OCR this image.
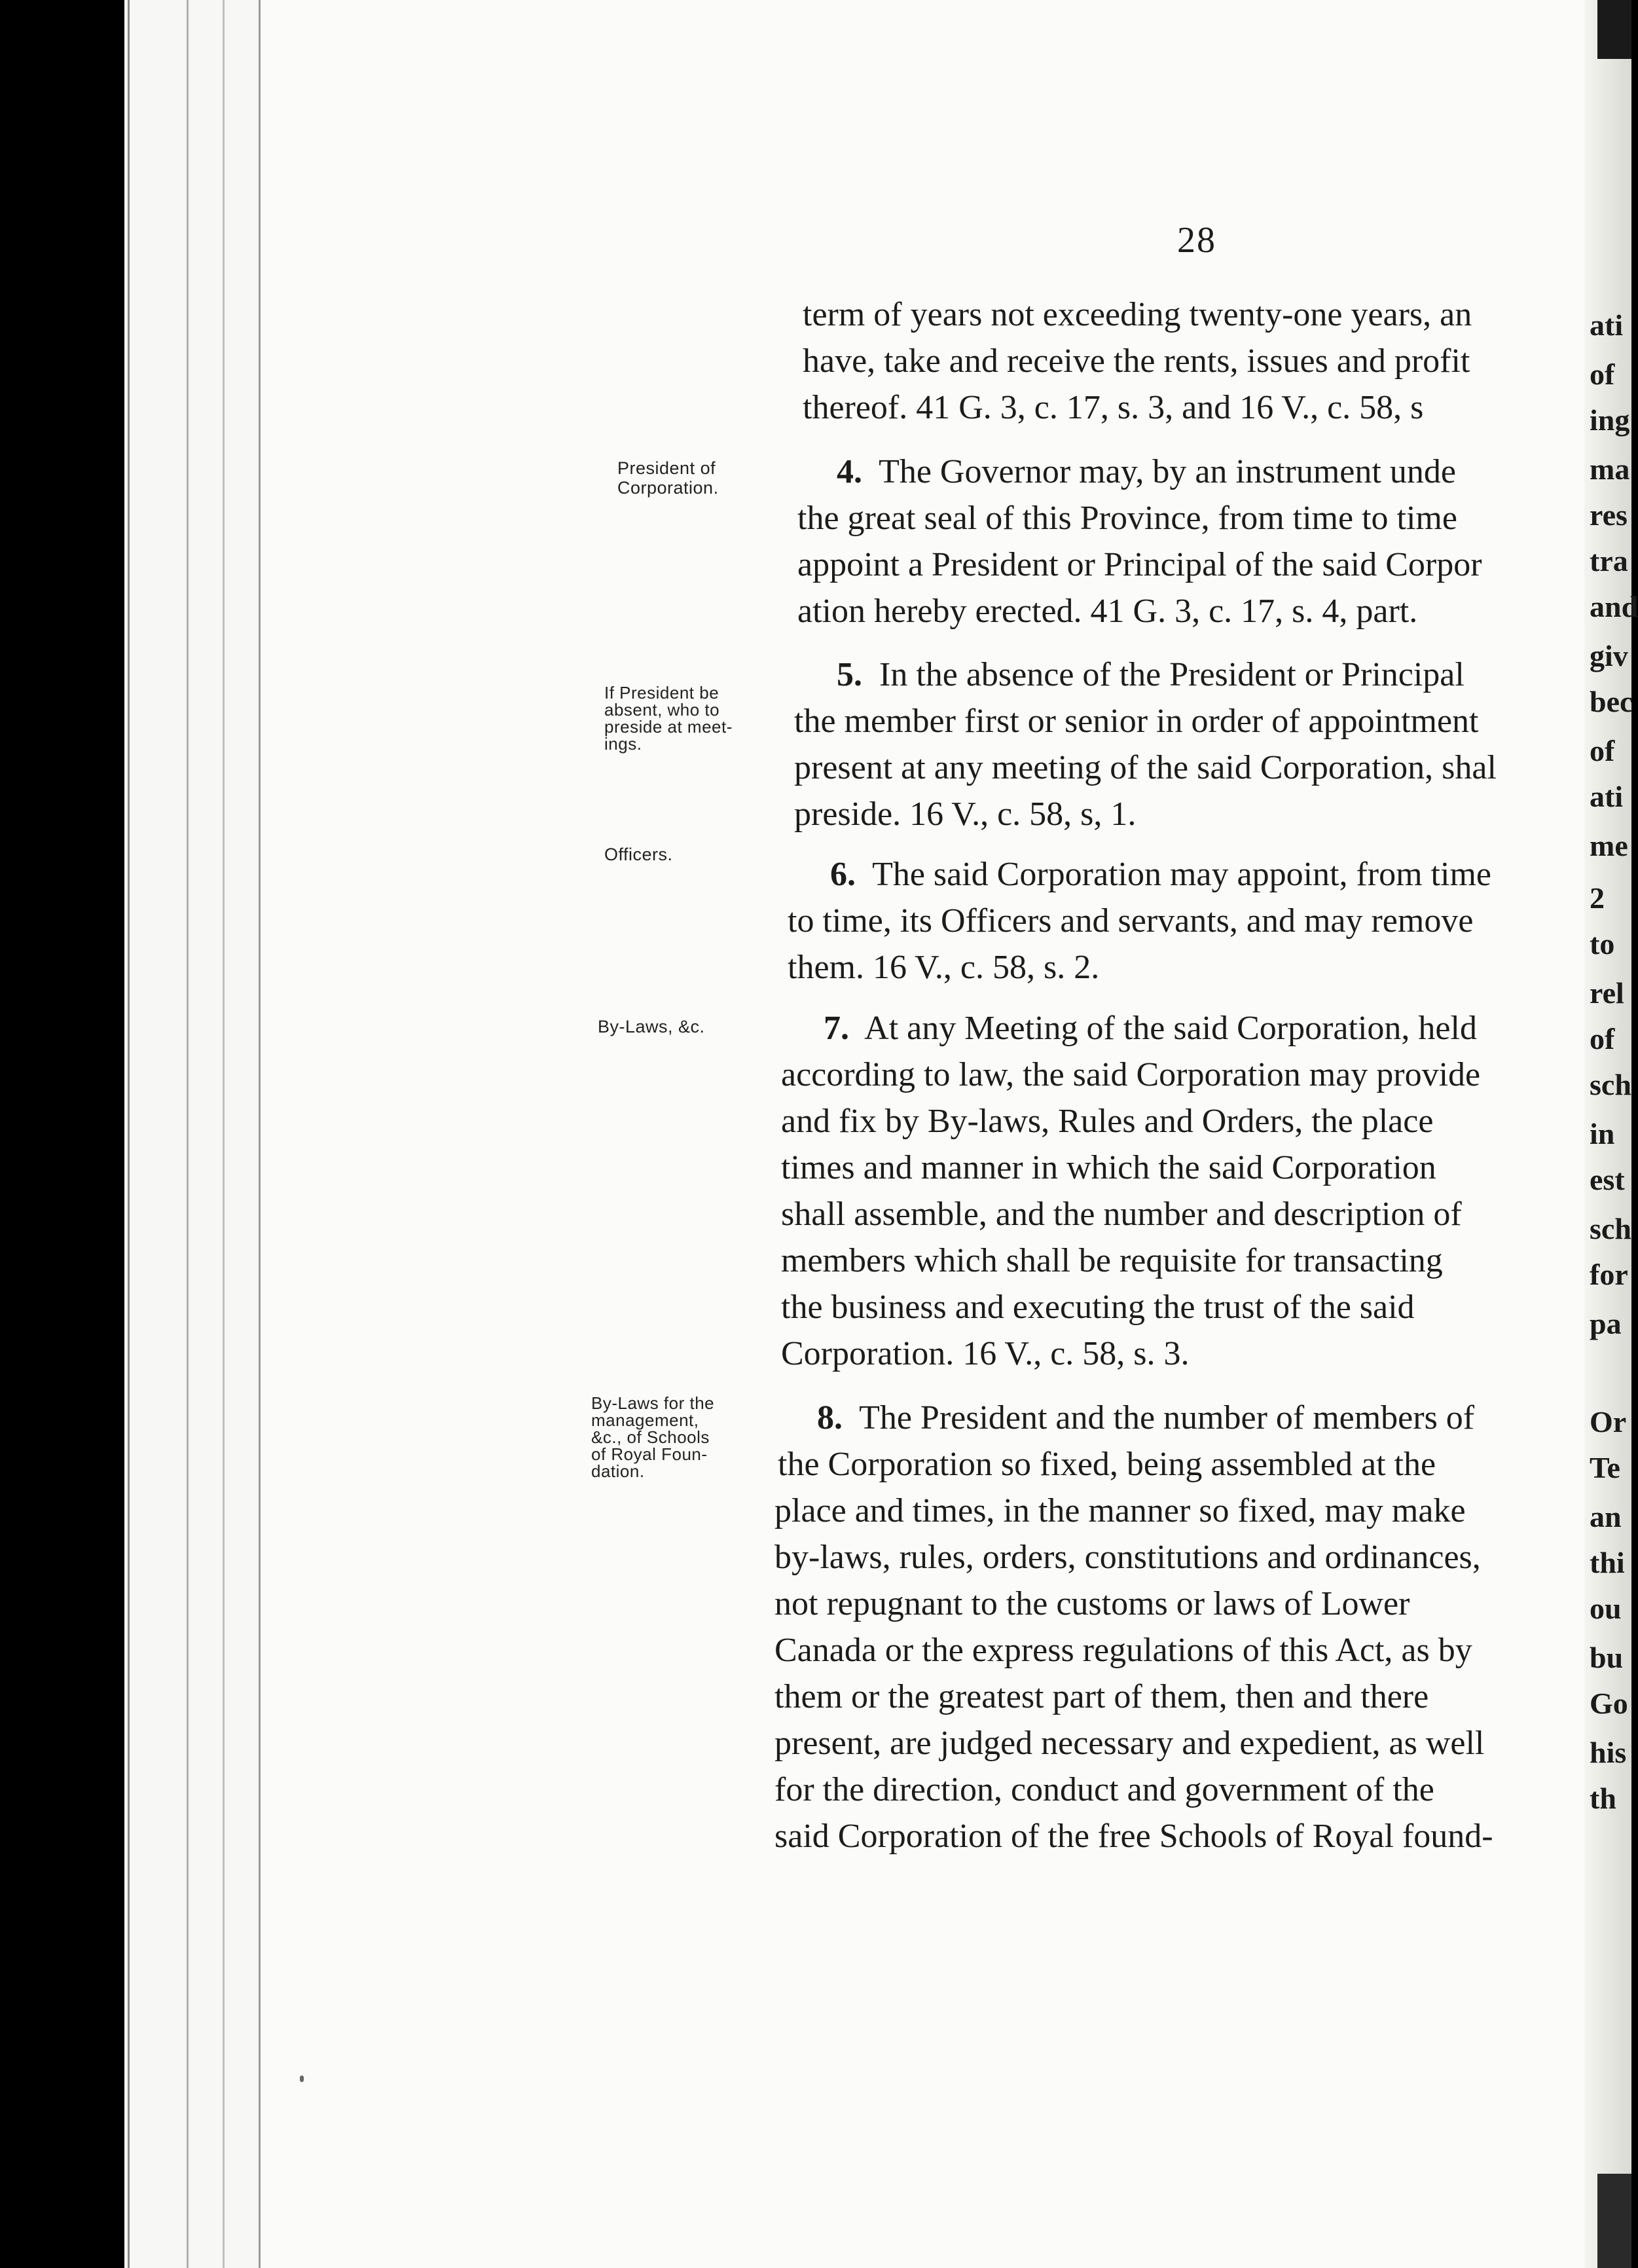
28
President of
Corporation.
If President be
absent, who to
preside at meet-
ings.
Officers.
By-Laws, &c.
By-Laws for the
management,
&c., of Schools
of Royal Foun-
dation.
term of years not exceeding twenty-one years, an
have, take and receive the rents, issues and profit
thereof. 41 G. 3, c. 17, s. 3, and 16 V., c. 58, s
4. The Governor may, by an instrument unde
the great seal of this Province, from time to time
appoint a President or Principal of the said Corpor
ation hereby erected. 41 G. 3, c. 17, s. 4, part.
5. In the absence of the President or Principal
the member first or senior in order of appointment
present at any meeting of the said Corporation, shal
preside. 16 V., c. 58, s, 1.
6. The said Corporation may appoint, from time
to time, its Officers and servants, and may remove
them. 16 V., c. 58, s. 2.
7. At any Meeting of the said Corporation, held
according to law, the said Corporation may provide
and fix by By-laws, Rules and Orders, the place
times and manner in which the said Corporation
shall assemble, and the number and description of
members which shall be requisite for transacting
the business and executing the trust of the said
Corporation. 16 V., c. 58, s. 3.
8. The President and the number of members of
the Corporation so fixed, being assembled at the
place and times, in the manner so fixed, may make
by-laws, rules, orders, constitutions and ordinances,
not repugnant to the customs or laws of Lower
Canada or the express regulations of this Act, as by
them or the greatest part of them, then and there
present, are judged necessary and expedient, as well
for the direction, conduct and government of the
said Corporation of the free Schools of Royal found-
ati
of
ing
ma
res
tra
and
giv
bec
of
ati
me
2
to
rel
of
sch
in
est
sch
for
pa
Or
Te
an
thi
ou
bu
Go
his
th
